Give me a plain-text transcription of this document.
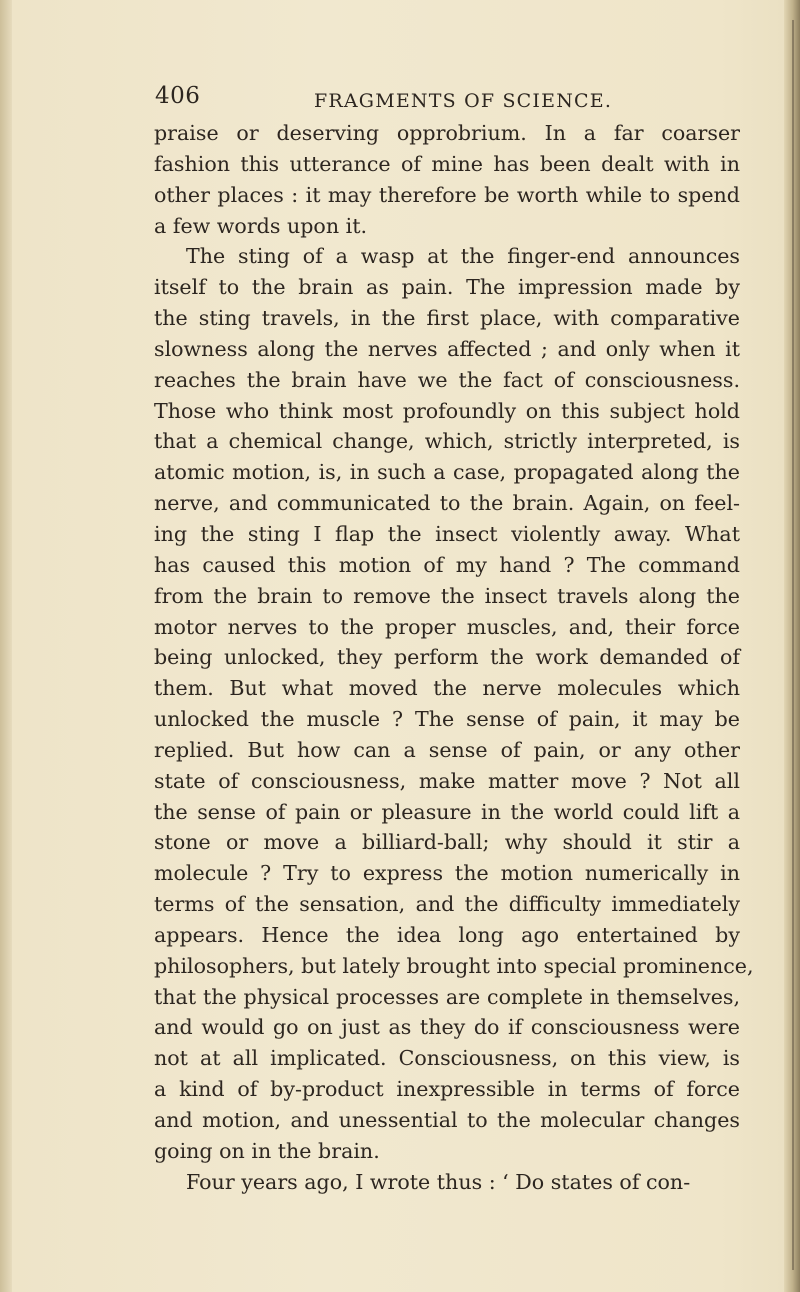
406	FRAGMENTS OF SCIENCE.
praise or deserving opprobrium. In a far coarser
fashion this utterance of mine has been dealt with in
other places : it may therefore be worth while to spend
a few words upon it.
The sting of a wasp at the finger-end announces
itself to the brain as pain. The impression made by
the sting travels, in the first place, with comparative
slowness along the nerves affected ; and only when it
reaches the brain have we the fact of consciousness.
Those who think most profoundly on this subject hold
that a chemical change, which, strictly interpreted, is
atomic motion, is, in such a case, propagated along the
nerve, and communicated to the brain. Again, on feel-
ing the sting I flap the insect violently away. What
has caused this motion of my hand ? The command
from the brain to remove the insect travels along the
motor nerves to the proper muscles, and, their force
being unlocked, they perform the work demanded of
them. But what moved the nerve molecules which
unlocked the muscle ? The sense of pain, it may be
replied. But how can a sense of pain, or any other
state of consciousness, make matter move ? Not all
the sense of pain or pleasure in the world could lift a
stone or move a billiard-ball; why should it stir a
molecule ? Try to express the motion numerically in
terms of the sensation, and the difficulty immediately
appears. Hence the idea long ago entertained by
philosophers, but lately brought into special prominence,
that the physical processes are complete in themselves,
and would go on just as they do if consciousness were
not at all implicated. Consciousness, on this view, is
a kind of by-product inexpressible in terms of force
and motion, and unessential to the molecular changes
going on in the brain.
Four years ago, I wrote thus : ‘ Do states of con-
